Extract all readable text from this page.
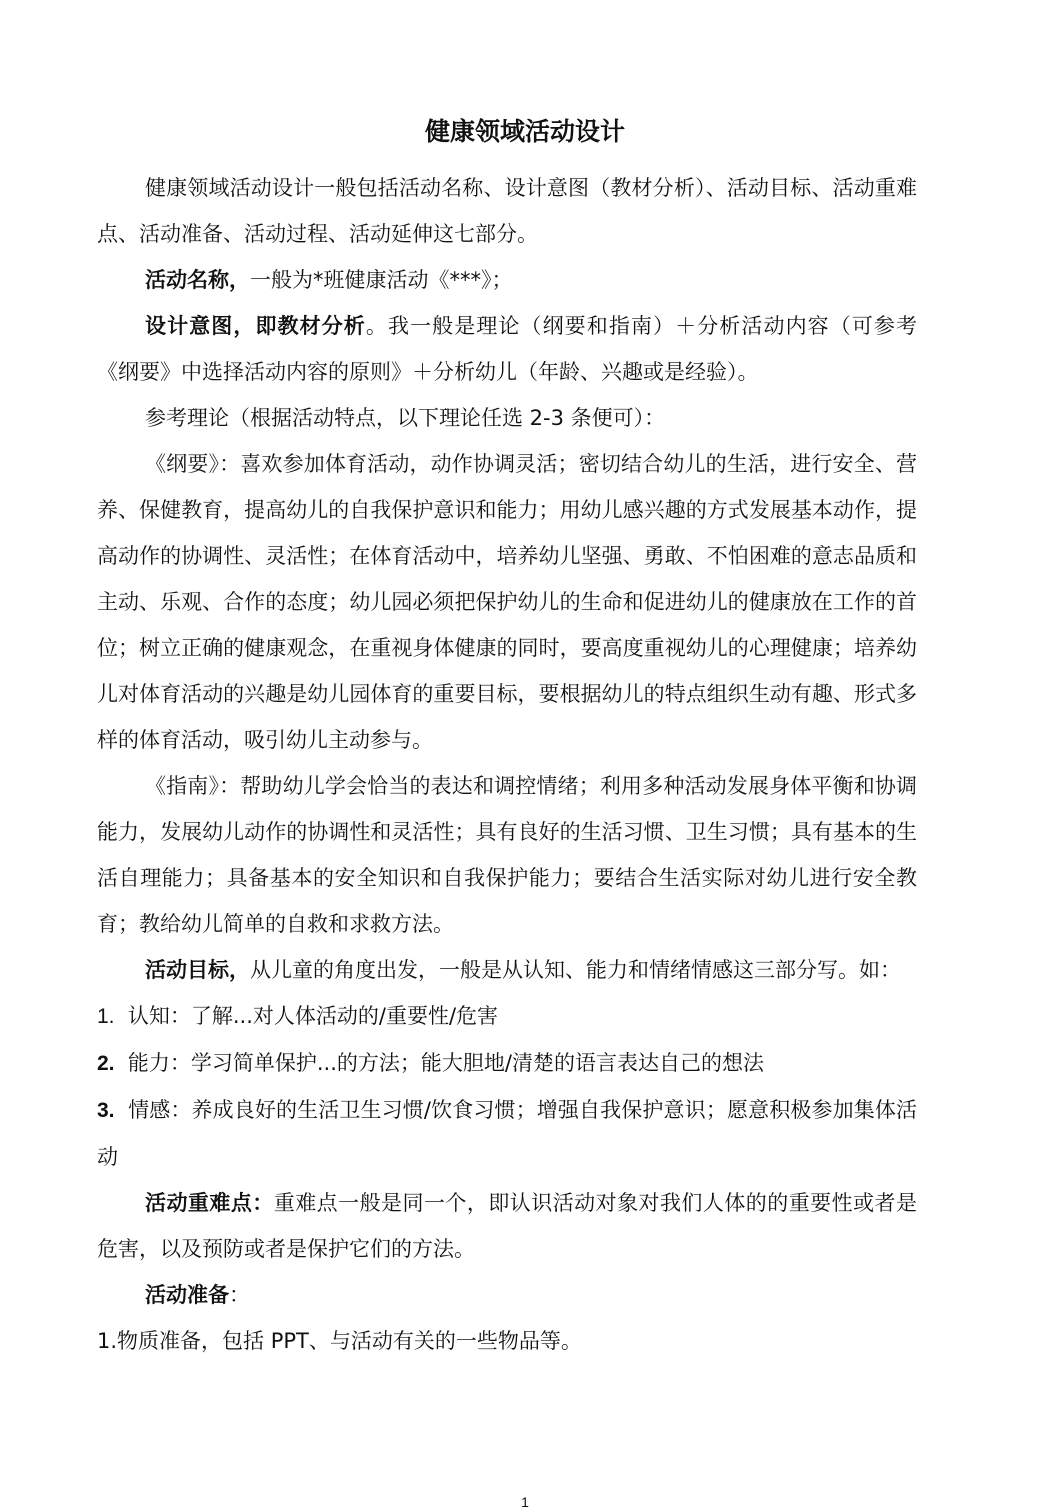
健康领域活动设计

健康领域活动设计一般包括活动名称、设计意图（教材分析）、活动目标、活动重难点、活动准备、活动过程、活动延伸这七部分。

活动名称，一般为*班健康活动《***》；

设计意图，即教材分析。我一般是理论（纲要和指南）＋分析活动内容（可参考《纲要》中选择活动内容的原则》＋分析幼儿（年龄、兴趣或是经验）。

参考理论（根据活动特点，以下理论任选 2-3 条便可）：

《纲要》：喜欢参加体育活动，动作协调灵活；密切结合幼儿的生活，进行安全、营养、保健教育，提高幼儿的自我保护意识和能力；用幼儿感兴趣的方式发展基本动作，提高动作的协调性、灵活性；在体育活动中，培养幼儿坚强、勇敢、不怕困难的意志品质和主动、乐观、合作的态度；幼儿园必须把保护幼儿的生命和促进幼儿的健康放在工作的首位；树立正确的健康观念，在重视身体健康的同时，要高度重视幼儿的心理健康；培养幼儿对体育活动的兴趣是幼儿园体育的重要目标，要根据幼儿的特点组织生动有趣、形式多样的体育活动，吸引幼儿主动参与。

《指南》：帮助幼儿学会恰当的表达和调控情绪；利用多种活动发展身体平衡和协调能力，发展幼儿动作的协调性和灵活性；具有良好的生活习惯、卫生习惯；具有基本的生活自理能力；具备基本的安全知识和自我保护能力；要结合生活实际对幼儿进行安全教育；教给幼儿简单的自救和求救方法。

活动目标，从儿童的角度出发，一般是从认知、能力和情绪情感这三部分写。如：

1. 认知：了解...对人体活动的/重要性/危害

2. 能力：学习简单保护...的方法；能大胆地/清楚的语言表达自己的想法

3. 情感：养成良好的生活卫生习惯/饮食习惯；增强自我保护意识；愿意积极参加集体活动

活动重难点：重难点一般是同一个，即认识活动对象对我们人体的的重要性或者是危害，以及预防或者是保护它们的方法。

活动准备：

1.物质准备，包括 PPT、与活动有关的一些物品等。

1
